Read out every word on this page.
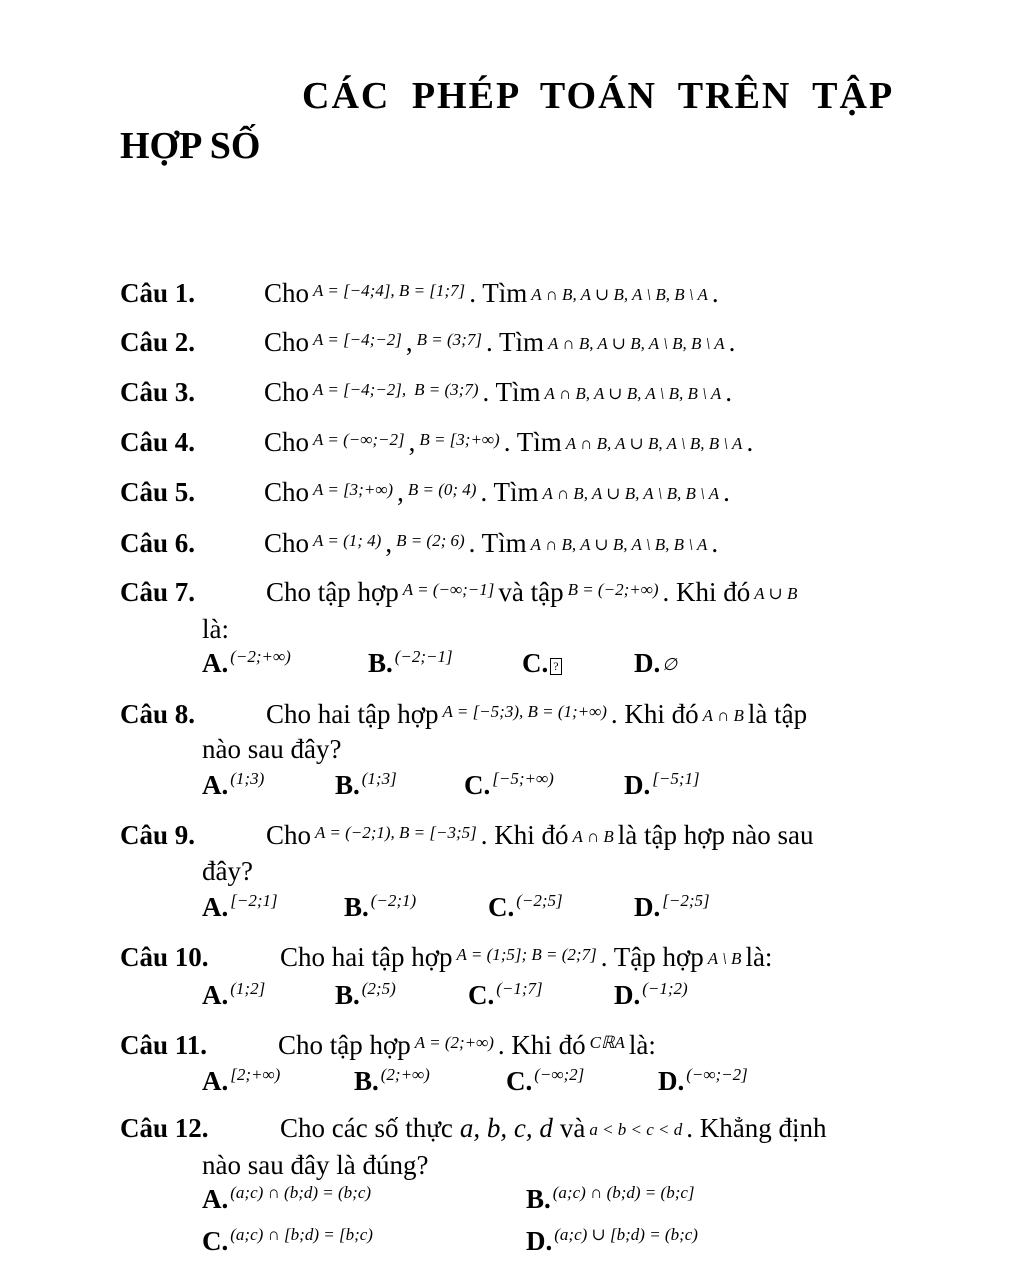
CÁC PHÉP TOÁN TRÊN TẬP
HỢP SỐ
Câu 1.	Cho A = [−4;4], B = [1;7] . Tìm A ∩ B, A ∪ B, A \ B, B \ A .
Câu 2.	Cho A = [−4;−2] , B = (3;7] . Tìm A ∩ B, A ∪ B, A \ B, B \ A .
Câu 3.	Cho A = [−4;−2], B = (3;7) . Tìm A ∩ B, A ∪ B, A \ B, B \ A .
Câu 4.	Cho A = (−∞;−2] , B = [3;+∞) . Tìm A ∩ B, A ∪ B, A \ B, B \ A .
Câu 5.	Cho A = [3;+∞) , B = (0; 4) . Tìm A ∩ B, A ∪ B, A \ B, B \ A .
Câu 6.	Cho A = (1; 4) , B = (2; 6) . Tìm A ∩ B, A ∪ B, A \ B, B \ A .
Câu 7.	Cho tập hợp A = (−∞;−1] và tập B = (−2;+∞) . Khi đó A ∪ B
là:
A. (−2;+∞)	B. (−2;−1]	C. ?	D. ∅
Câu 8.	Cho hai tập hợp A = [−5;3), B = (1;+∞) . Khi đó A ∩ B là tập
nào sau đây?
A. (1;3)	B. (1;3] C. [−5;+∞)	D. [−5;1]
Câu 9.	Cho A = (−2;1), B = [−3;5] . Khi đó A ∩ B là tập hợp nào sau
đây?
A. [−2;1] B. (−2;1)	C. (−2;5]	D. [−2;5]
Câu 10.	Cho hai tập hợp A = (1;5]; B = (2;7] . Tập hợp A \ B là:
A. (1;2]	B. (2;5)	C. (−1;7]	D. (−1;2)
Câu 11.	Cho tập hợp A = (2;+∞) . Khi đó CℝA là:
A. [2;+∞)	B. (2;+∞)	C. (−∞;2]	D. (−∞;−2]
Câu 12.	Cho các số thực a, b, c, d và a < b < c < d . Khẳng định
nào sau đây là đúng?
A. (a;c) ∩ (b;d) = (b;c)	B. (a;c) ∩ (b;d) = (b;c]
C. (a;c) ∩ [b;d) = [b;c)	D. (a;c) ∪ [b;d) = (b;c)
